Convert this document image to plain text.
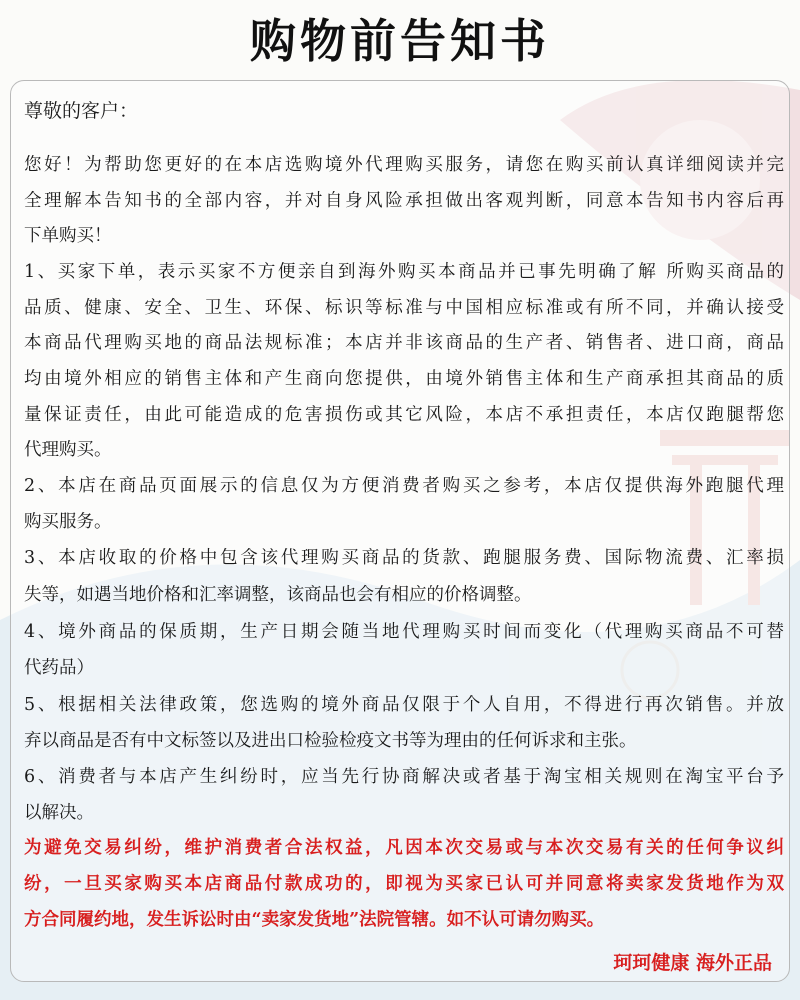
购物前告知书
尊敬的客户：
您好！为帮助您更好的在本店选购境外代理购买服务，请您在购买前认真详细阅读并完
全理解本告知书的全部内容，并对自身风险承担做出客观判断，同意本告知书内容后再
下单购买！
1、买家下单，表示买家不方便亲自到海外购买本商品并已事先明确了解 所购买商品的
品质、健康、安全、卫生、环保、标识等标准与中国相应标准或有所不同，并确认接受
本商品代理购买地的商品法规标准；本店并非该商品的生产者、销售者、进口商，商品
均由境外相应的销售主体和产生商向您提供，由境外销售主体和生产商承担其商品的质
量保证责任，由此可能造成的危害损伤或其它风险，本店不承担责任，本店仅跑腿帮您
代理购买。
2、本店在商品页面展示的信息仅为方便消费者购买之参考，本店仅提供海外跑腿代理
购买服务。
3、本店收取的价格中包含该代理购买商品的货款、跑腿服务费、国际物流费、汇率损
失等，如遇当地价格和汇率调整，该商品也会有相应的价格调整。
4、境外商品的保质期，生产日期会随当地代理购买时间而变化（代理购买商品不可替
代药品）
5、根据相关法律政策，您选购的境外商品仅限于个人自用，不得进行再次销售。并放
弃以商品是否有中文标签以及进出口检验检疫文书等为理由的任何诉求和主张。
6、消费者与本店产生纠纷时，应当先行协商解决或者基于淘宝相关规则在淘宝平台予
以解决。
为避免交易纠纷，维护消费者合法权益，凡因本次交易或与本次交易有关的任何争议纠
纷，一旦买家购买本店商品付款成功的，即视为买家已认可并同意将卖家发货地作为双
方合同履约地，发生诉讼时由“卖家发货地”法院管辖。如不认可请勿购买。
珂珂健康 海外正品
